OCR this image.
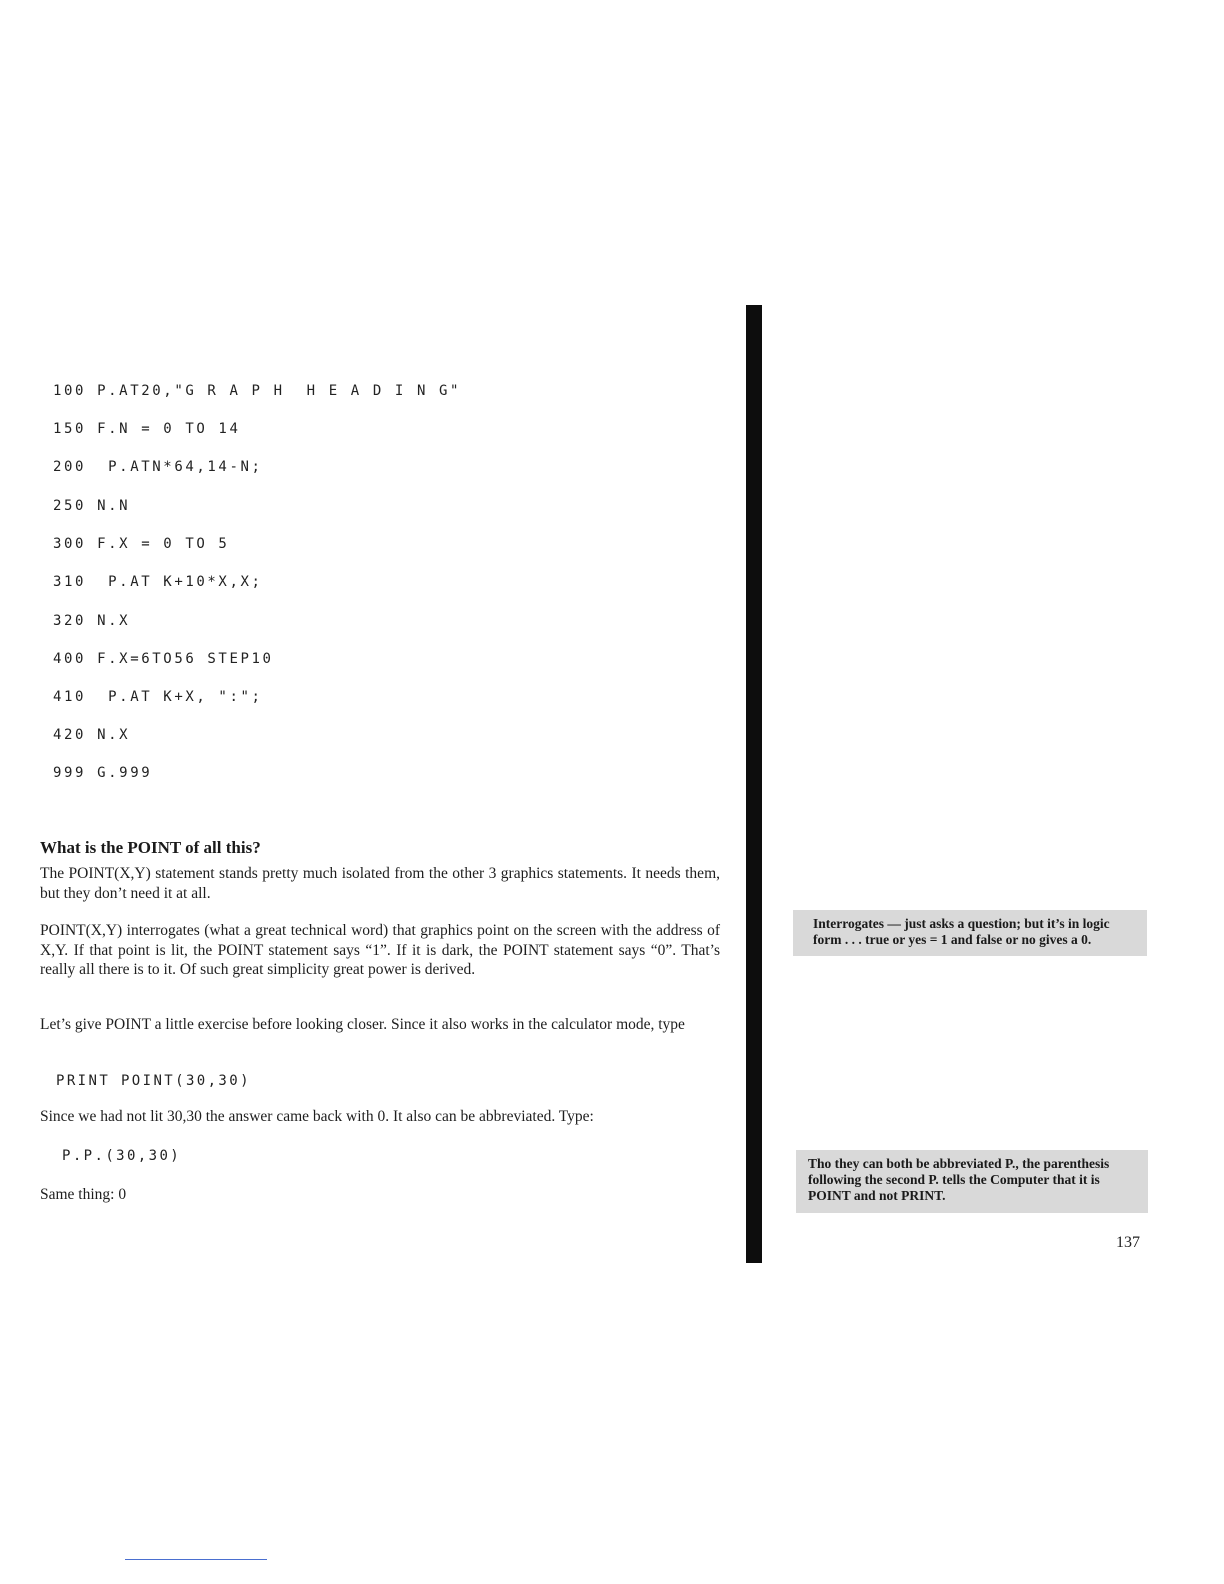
100 P.AT20,"G R A P H  H E A D I N G"
150 F.N = 0 TO 14
200  P.ATN*64,14-N;
250 N.N
300 F.X = 0 TO 5
310  P.AT K+10*X,X;
320 N.X
400 F.X=6TO56 STEP10
410  P.AT K+X, ":";
420 N.X
999 G.999
What is the POINT of all this?

The POINT(X,Y) statement stands pretty much isolated from the other 3 graphics statements. It needs them, but they don’t need it at all.

POINT(X,Y) interrogates (what a great technical word) that graphics point on the screen with the address of X,Y. If that point is lit, the POINT statement says “1”. If it is dark, the POINT statement says “0”. That’s really all there is to it. Of such great simplicity great power is derived.

Let’s give POINT a little exercise before looking closer. Since it also works in the calculator mode, type

PRINT POINT(30,30)

Since we had not lit 30,30 the answer came back with 0. It also can be abbreviated. Type:

P.P.(30,30)

Same thing: 0

Interrogates — just asks a question; but it’s in logic form . . . true or yes = 1 and false or no gives a 0.
Tho they can both be abbreviated P., the parenthesis following the second P. tells the Computer that it is POINT and not PRINT.
137
